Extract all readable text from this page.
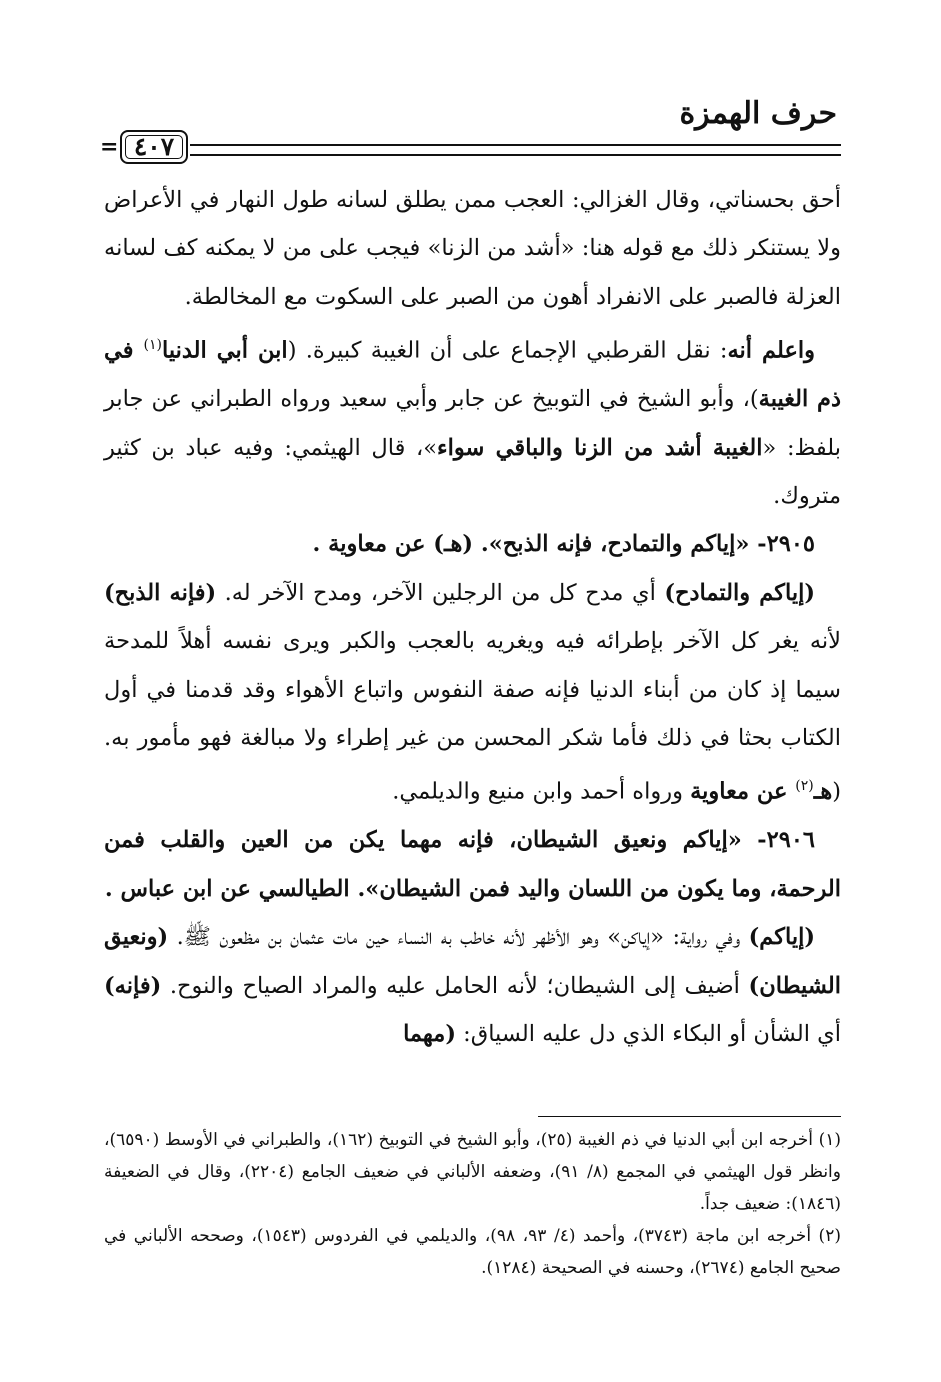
حرف الهمزة
= ٤٠٧

أحق بحسناتي، وقال الغزالي: العجب ممن يطلق لسانه طول النهار في الأعراض ولا يستنكر ذلك مع قوله هنا: «أشد من الزنا» فيجب على من لا يمكنه كف لسانه العزلة فالصبر على الانفراد أهون من الصبر على السكوت مع المخالطة.

واعلم أنه: نقل القرطبي الإجماع على أن الغيبة كبيرة. (ابن أبي الدنيا$^{(١)}$ في ذم الغيبة)، وأبو الشيخ في التوبيخ عن جابر وأبي سعيد ورواه الطبراني عن جابر بلفظ: «الغيبة أشد من الزنا والباقي سواء»، قال الهيثمي: وفيه عباد بن كثير متروك.

٢٩٠٥- «إياكم والتمادح، فإنه الذبح». (هـ) عن معاوية .

(إياكم والتمادح) أي مدح كل من الرجلين الآخر، ومدح الآخر له. (فإنه الذبح) لأنه يغر كل الآخر بإطرائه فيه ويغريه بالعجب والكبر ويرى نفسه أهلاً للمدحة سيما إذ كان من أبناء الدنيا فإنه صفة النفوس واتباع الأهواء وقد قدمنا في أول الكتاب بحثا في ذلك فأما شكر المحسن من غير إطراء ولا مبالغة فهو مأمور به. (هـ$^{(٢)}$ عن معاوية ورواه أحمد وابن منيع والديلمي.

٢٩٠٦- «إياكم ونعيق الشيطان، فإنه مهما يكن من العين والقلب فمن الرحمة، وما يكون من اللسان واليد فمن الشيطان». الطيالسي عن ابن عباس .

(إياكم) وفي رواية: «إياكن» وهو الأظهر لأنه خاطب به النساء حين مات عثمان بن مظعون ﷺ. (ونعيق الشيطان) أضيف إلى الشيطان؛ لأنه الحامل عليه والمراد الصياح والنوح. (فإنه) أي الشأن أو البكاء الذي دل عليه السياق: (مهما

(١) أخرجه ابن أبي الدنيا في ذم الغيبة (٢٥)، وأبو الشيخ في التوبيخ (١٦٢)، والطبراني في الأوسط (٦٥٩٠)، وانظر قول الهيثمي في المجمع (٨/ ٩١)، وضعفه الألباني في ضعيف الجامع (٢٢٠٤)، وقال في الضعيفة (١٨٤٦): ضعيف جداً.

(٢) أخرجه ابن ماجة (٣٧٤٣)، وأحمد (٤/ ٩٣، ٩٨)، والديلمي في الفردوس (١٥٤٣)، وصححه الألباني في صحيح الجامع (٢٦٧٤)، وحسنه في الصحيحة (١٢٨٤).
